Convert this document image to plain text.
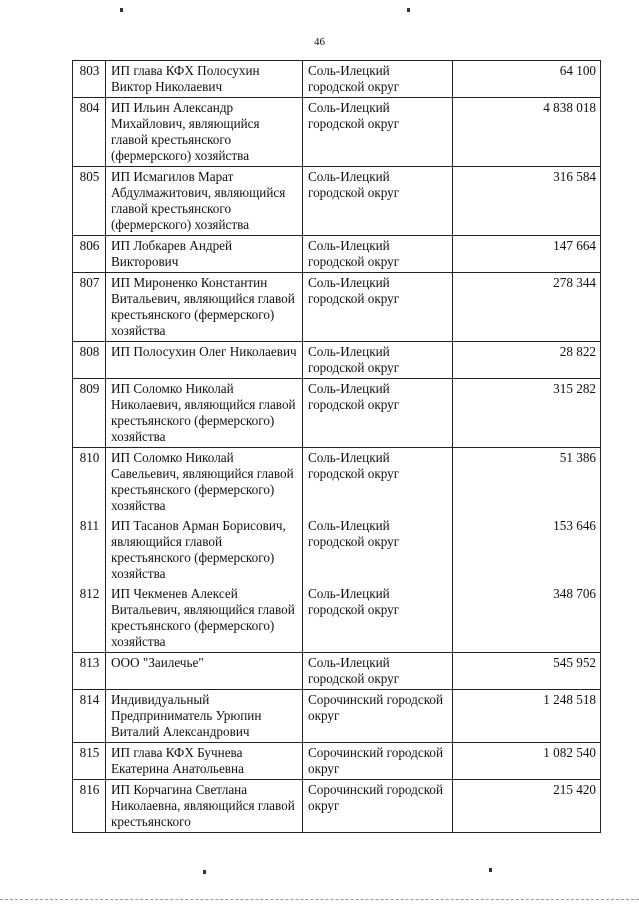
46
803	ИП глава КФХ Полосухин Виктор Николаевич	Соль-Илецкий городской округ	64 100
804	ИП Ильин Александр Михайлович, являющийся главой крестьянского (фермерского) хозяйства	Соль-Илецкий городской округ	4 838 018
805	ИП Исмагилов Марат Абдулмажитович, являющийся главой крестьянского (фермерского) хозяйства	Соль-Илецкий городской округ	316 584
806	ИП Лобкарев Андрей Викторович	Соль-Илецкий городской округ	147 664
807	ИП Мироненко Константин Витальевич, являющийся главой крестьянского (фермерского) хозяйства	Соль-Илецкий городской округ	278 344
808	ИП Полосухин Олег Николаевич	Соль-Илецкий городской округ	28 822
809	ИП Соломко Николай Николаевич, являющийся главой крестьянского (фермерского) хозяйства	Соль-Илецкий городской округ	315 282
810	ИП Соломко Николай Савельевич, являющийся главой крестьянского (фермерского) хозяйства	Соль-Илецкий городской округ	51 386
811	ИП Тасанов Арман Борисович, являющийся главой крестьянского (фермерского) хозяйства	Соль-Илецкий городской округ	153 646
812	ИП Чекменев Алексей Витальевич, являющийся главой крестьянского (фермерского) хозяйства	Соль-Илецкий городской округ	348 706
813	ООО "Заилечье"	Соль-Илецкий городской округ	545 952
814	Индивидуальный Предприниматель Урюпин Виталий Александрович	Сорочинский городской округ	1 248 518
815	ИП глава КФХ Бучнева Екатерина Анатольевна	Сорочинский городской округ	1 082 540
816	ИП Корчагина Светлана Николаевна, являющийся главой крестьянского	Сорочинский городской округ	215 420
